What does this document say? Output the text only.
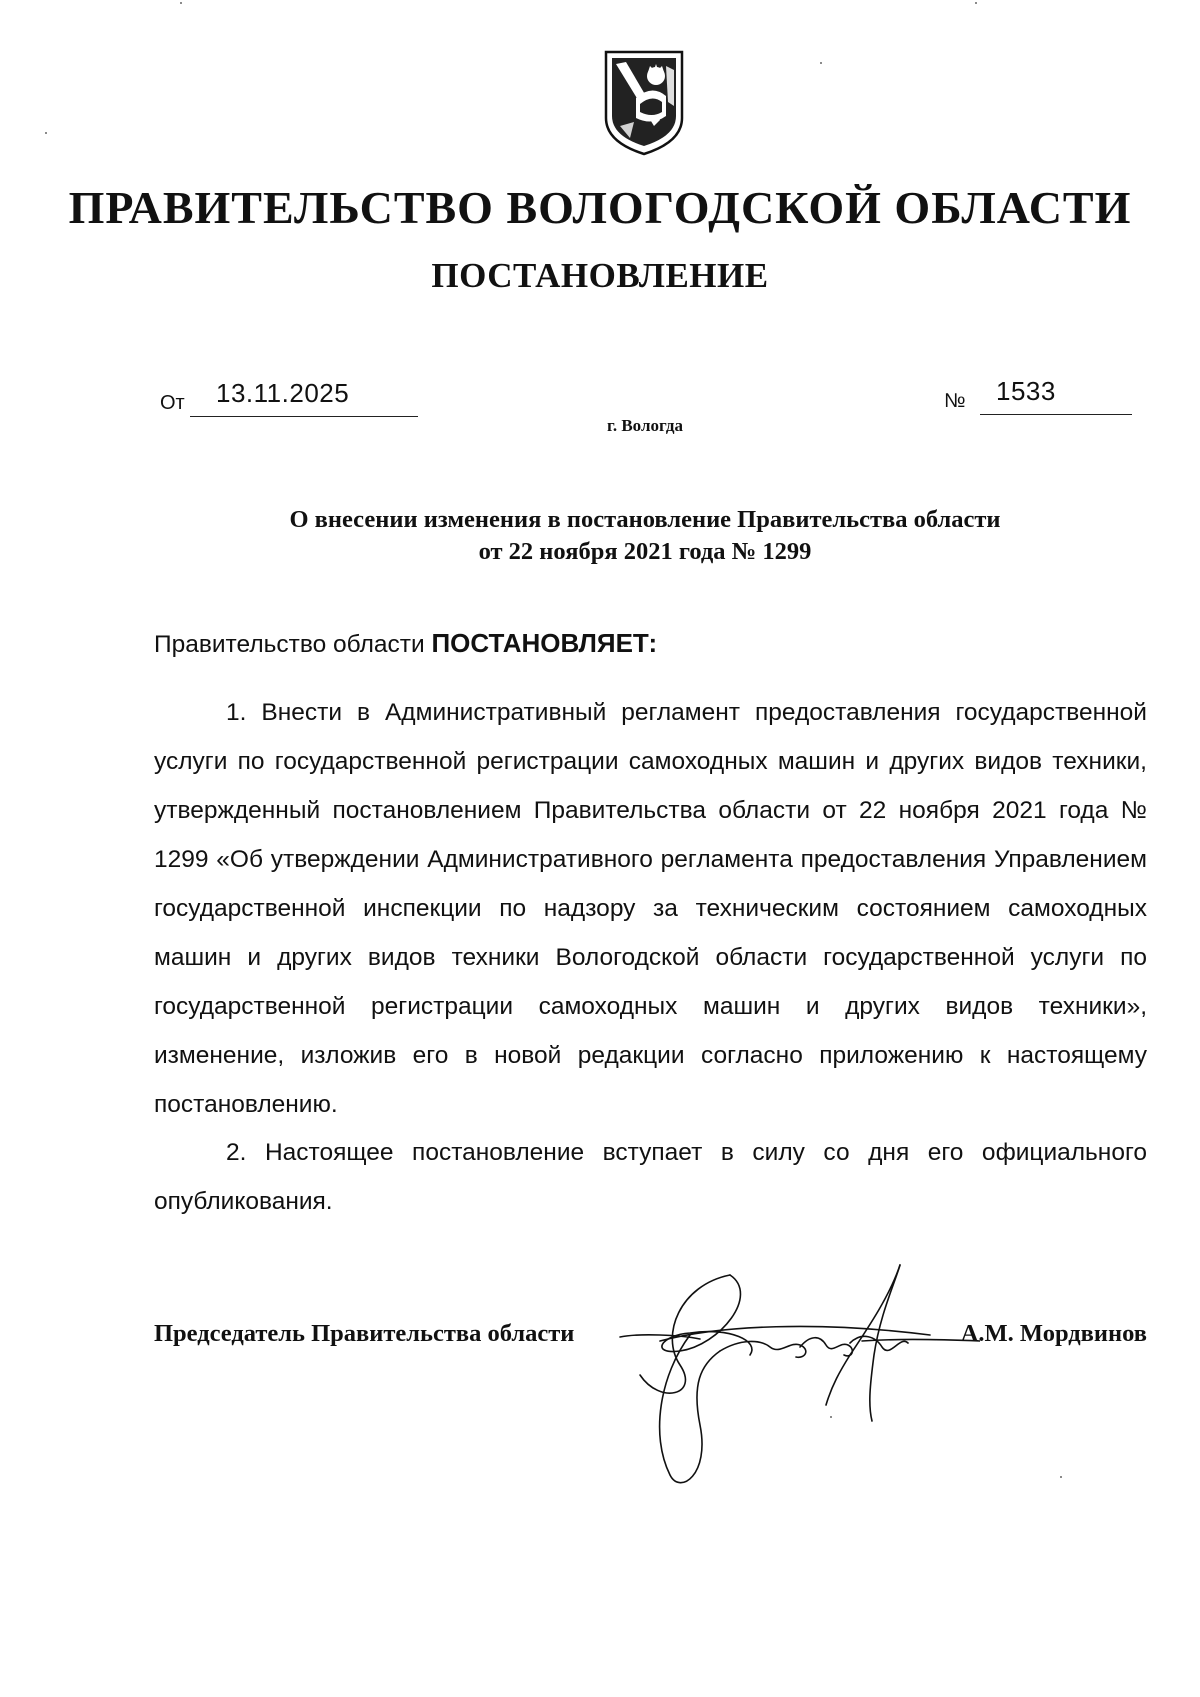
ПРАВИТЕЛЬСТВО ВОЛОГОДСКОЙ ОБЛАСТИ
ПОСТАНОВЛЕНИЕ
От 13.11.2025	№ 1533
г. Вологда
О внесении изменения в постановление Правительства области
от 22 ноября 2021 года № 1299
Правительство области ПОСТАНОВЛЯЕТ:

1. Внести в Административный регламент предоставления государственной услуги по государственной регистрации самоходных машин и других видов техники, утвержденный постановлением Правительства области от 22 ноября 2021 года № 1299 «Об утверждении Административного регламента предоставления Управлением государственной инспекции по надзору за техническим состоянием самоходных машин и других видов техники Вологодской области государственной услуги по государственной регистрации самоходных машин и других видов техники», изменение, изложив его в новой редакции согласно приложению к настоящему постановлению.

2. Настоящее постановление вступает в силу со дня его официального опубликования.

Председатель Правительства области	А.М. Мордвинов
